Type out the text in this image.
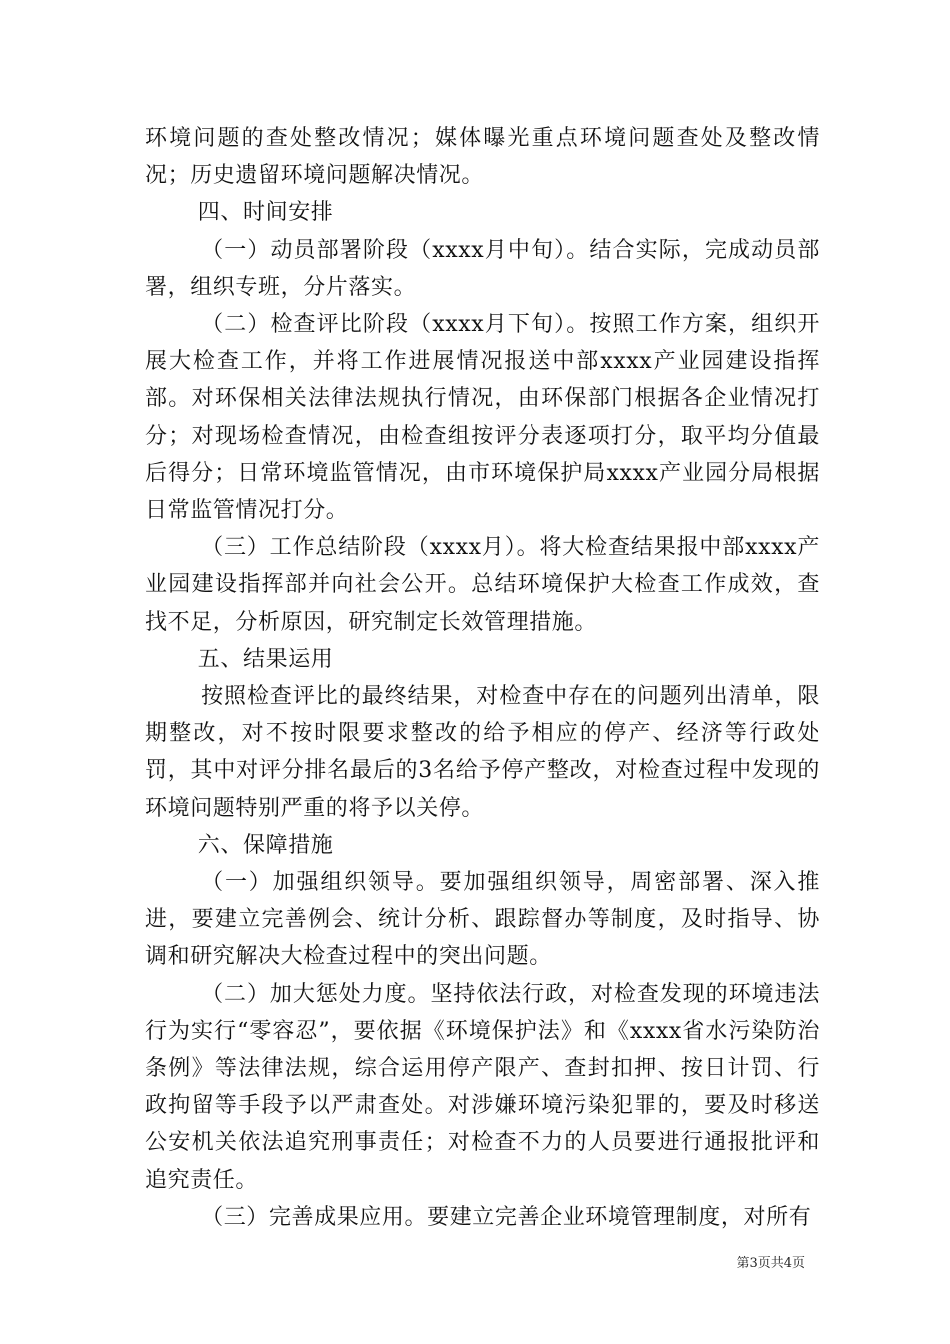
环境问题的查处整改情况；媒体曝光重点环境问题查处及整改情况；历史遗留环境问题解决情况。

四、时间安排

（一）动员部署阶段（xxxx月中旬）。结合实际，完成动员部署，组织专班，分片落实。

（二）检查评比阶段（xxxx月下旬）。按照工作方案，组织开展大检查工作，并将工作进展情况报送中部xxxx产业园建设指挥部。对环保相关法律法规执行情况，由环保部门根据各企业情况打分；对现场检查情况，由检查组按评分表逐项打分，取平均分值最后得分；日常环境监管情况，由市环境保护局xxxx产业园分局根据日常监管情况打分。

（三）工作总结阶段（xxxx月）。将大检查结果报中部xxxx产业园建设指挥部并向社会公开。总结环境保护大检查工作成效，查找不足，分析原因，研究制定长效管理措施。

五、结果运用

按照检查评比的最终结果，对检查中存在的问题列出清单，限期整改，对不按时限要求整改的给予相应的停产、经济等行政处罚，其中对评分排名最后的3名给予停产整改，对检查过程中发现的环境问题特别严重的将予以关停。

六、保障措施

（一）加强组织领导。要加强组织领导，周密部署、深入推进，要建立完善例会、统计分析、跟踪督办等制度，及时指导、协调和研究解决大检查过程中的突出问题。

（二）加大惩处力度。坚持依法行政，对检查发现的环境违法行为实行“零容忍”，要依据《环境保护法》和《xxxx省水污染防治条例》等法律法规，综合运用停产限产、查封扣押、按日计罚、行政拘留等手段予以严肃查处。对涉嫌环境污染犯罪的，要及时移送公安机关依法追究刑事责任；对检查不力的人员要进行通报批评和追究责任。

（三）完善成果应用。要建立完善企业环境管理制度，对所有

第3页共4页
